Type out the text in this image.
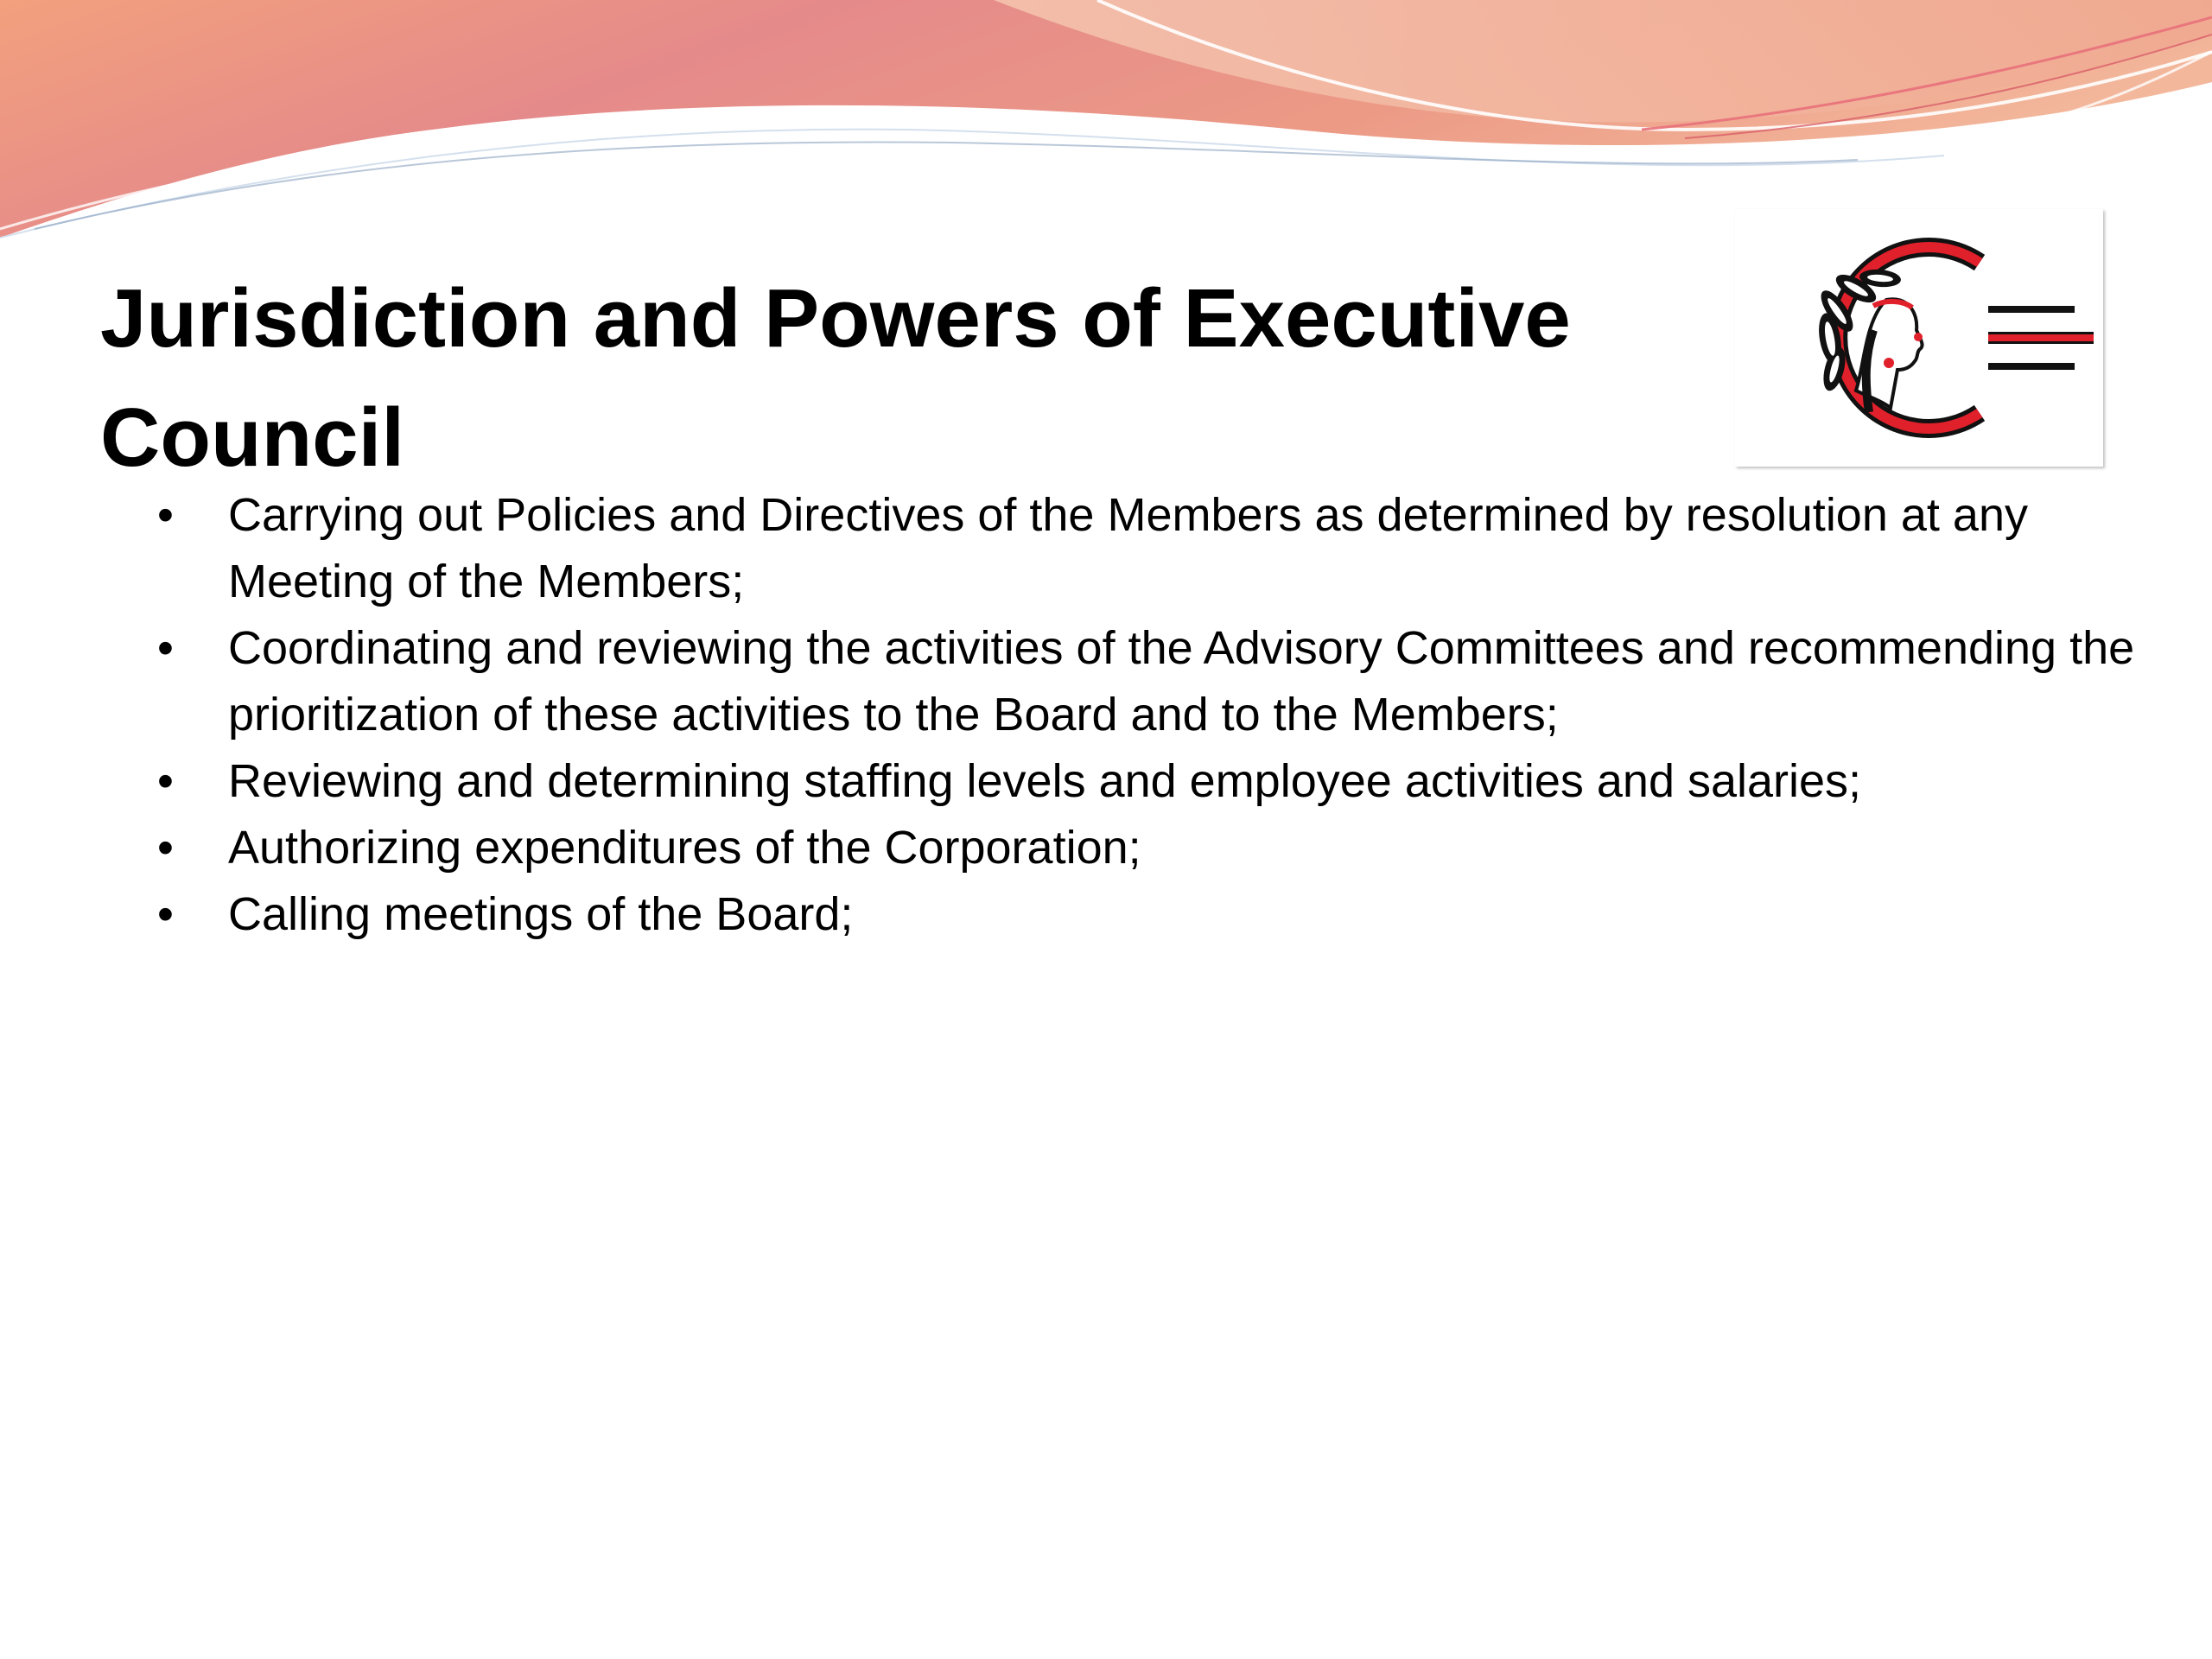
Jurisdiction and Powers of Executive Council
• Carrying out Policies and Directives of the Members as determined by resolution at any Meeting of the Members;
• Coordinating and reviewing the activities of the Advisory Committees and recommending the prioritization of these activities to the Board and to the Members;
• Reviewing and determining staffing levels and employee activities and salaries;
• Authorizing expenditures of the Corporation;
• Calling meetings of the Board;
